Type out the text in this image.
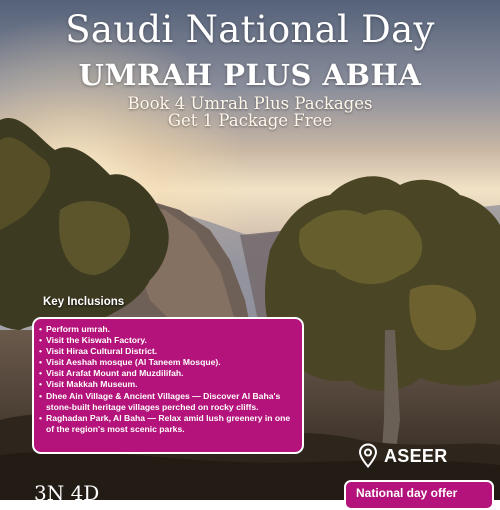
Saudi National Day
UMRAH PLUS ABHA
Book 4 Umrah Plus Packages
Get 1 Package Free
Key Inclusions
• Perform umrah.
• Visit the Kiswah Factory.
• Visit Hiraa Cultural District.
• Visit Aeshah mosque (Al Taneem Mosque).
• Visit Arafat Mount and Muzdilifah.
• Visit Makkah Museum.
• Dhee Ain Village & Ancient Villages — Discover Al Baha's stone-built heritage villages perched on rocky cliffs.
• Raghadan Park, Al Baha — Relax amid lush greenery in one of the region's most scenic parks.
ASEER
3N 4D	National day offer
